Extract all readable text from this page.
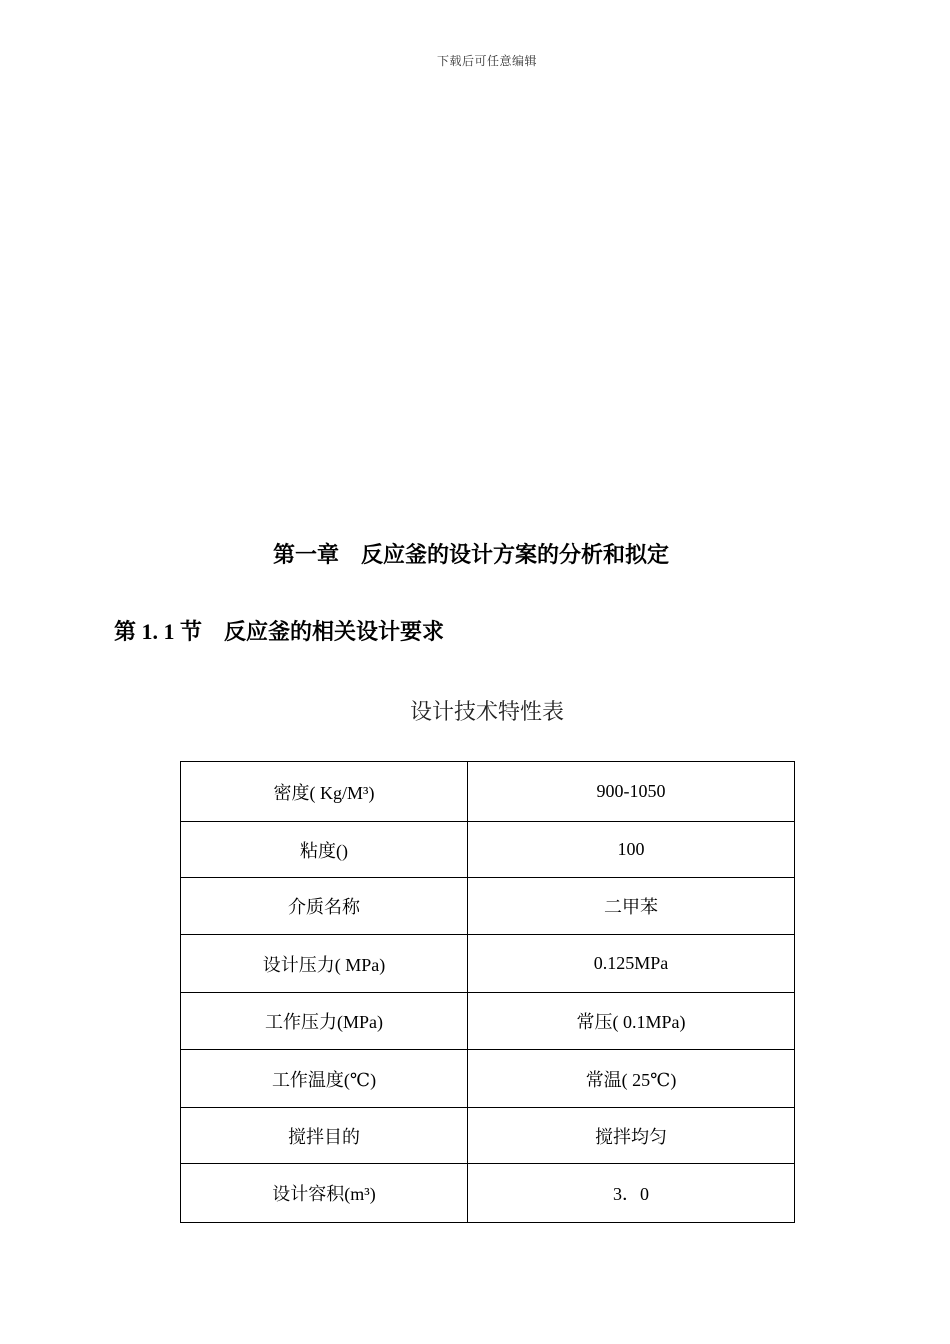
下载后可任意编辑
第一章    反应釜的设计方案的分析和拟定
第 1. 1 节    反应釜的相关设计要求
设计技术特性表
密度( Kg/M³)	900-1050
粘度()	100
介质名称	二甲苯
设计压力( MPa)	0.125MPa
工作压力(MPa)	常压( 0.1MPa)
工作温度(℃)	常温( 25℃)
搅拌目的	搅拌均匀
设计容积(m³)	3．0
